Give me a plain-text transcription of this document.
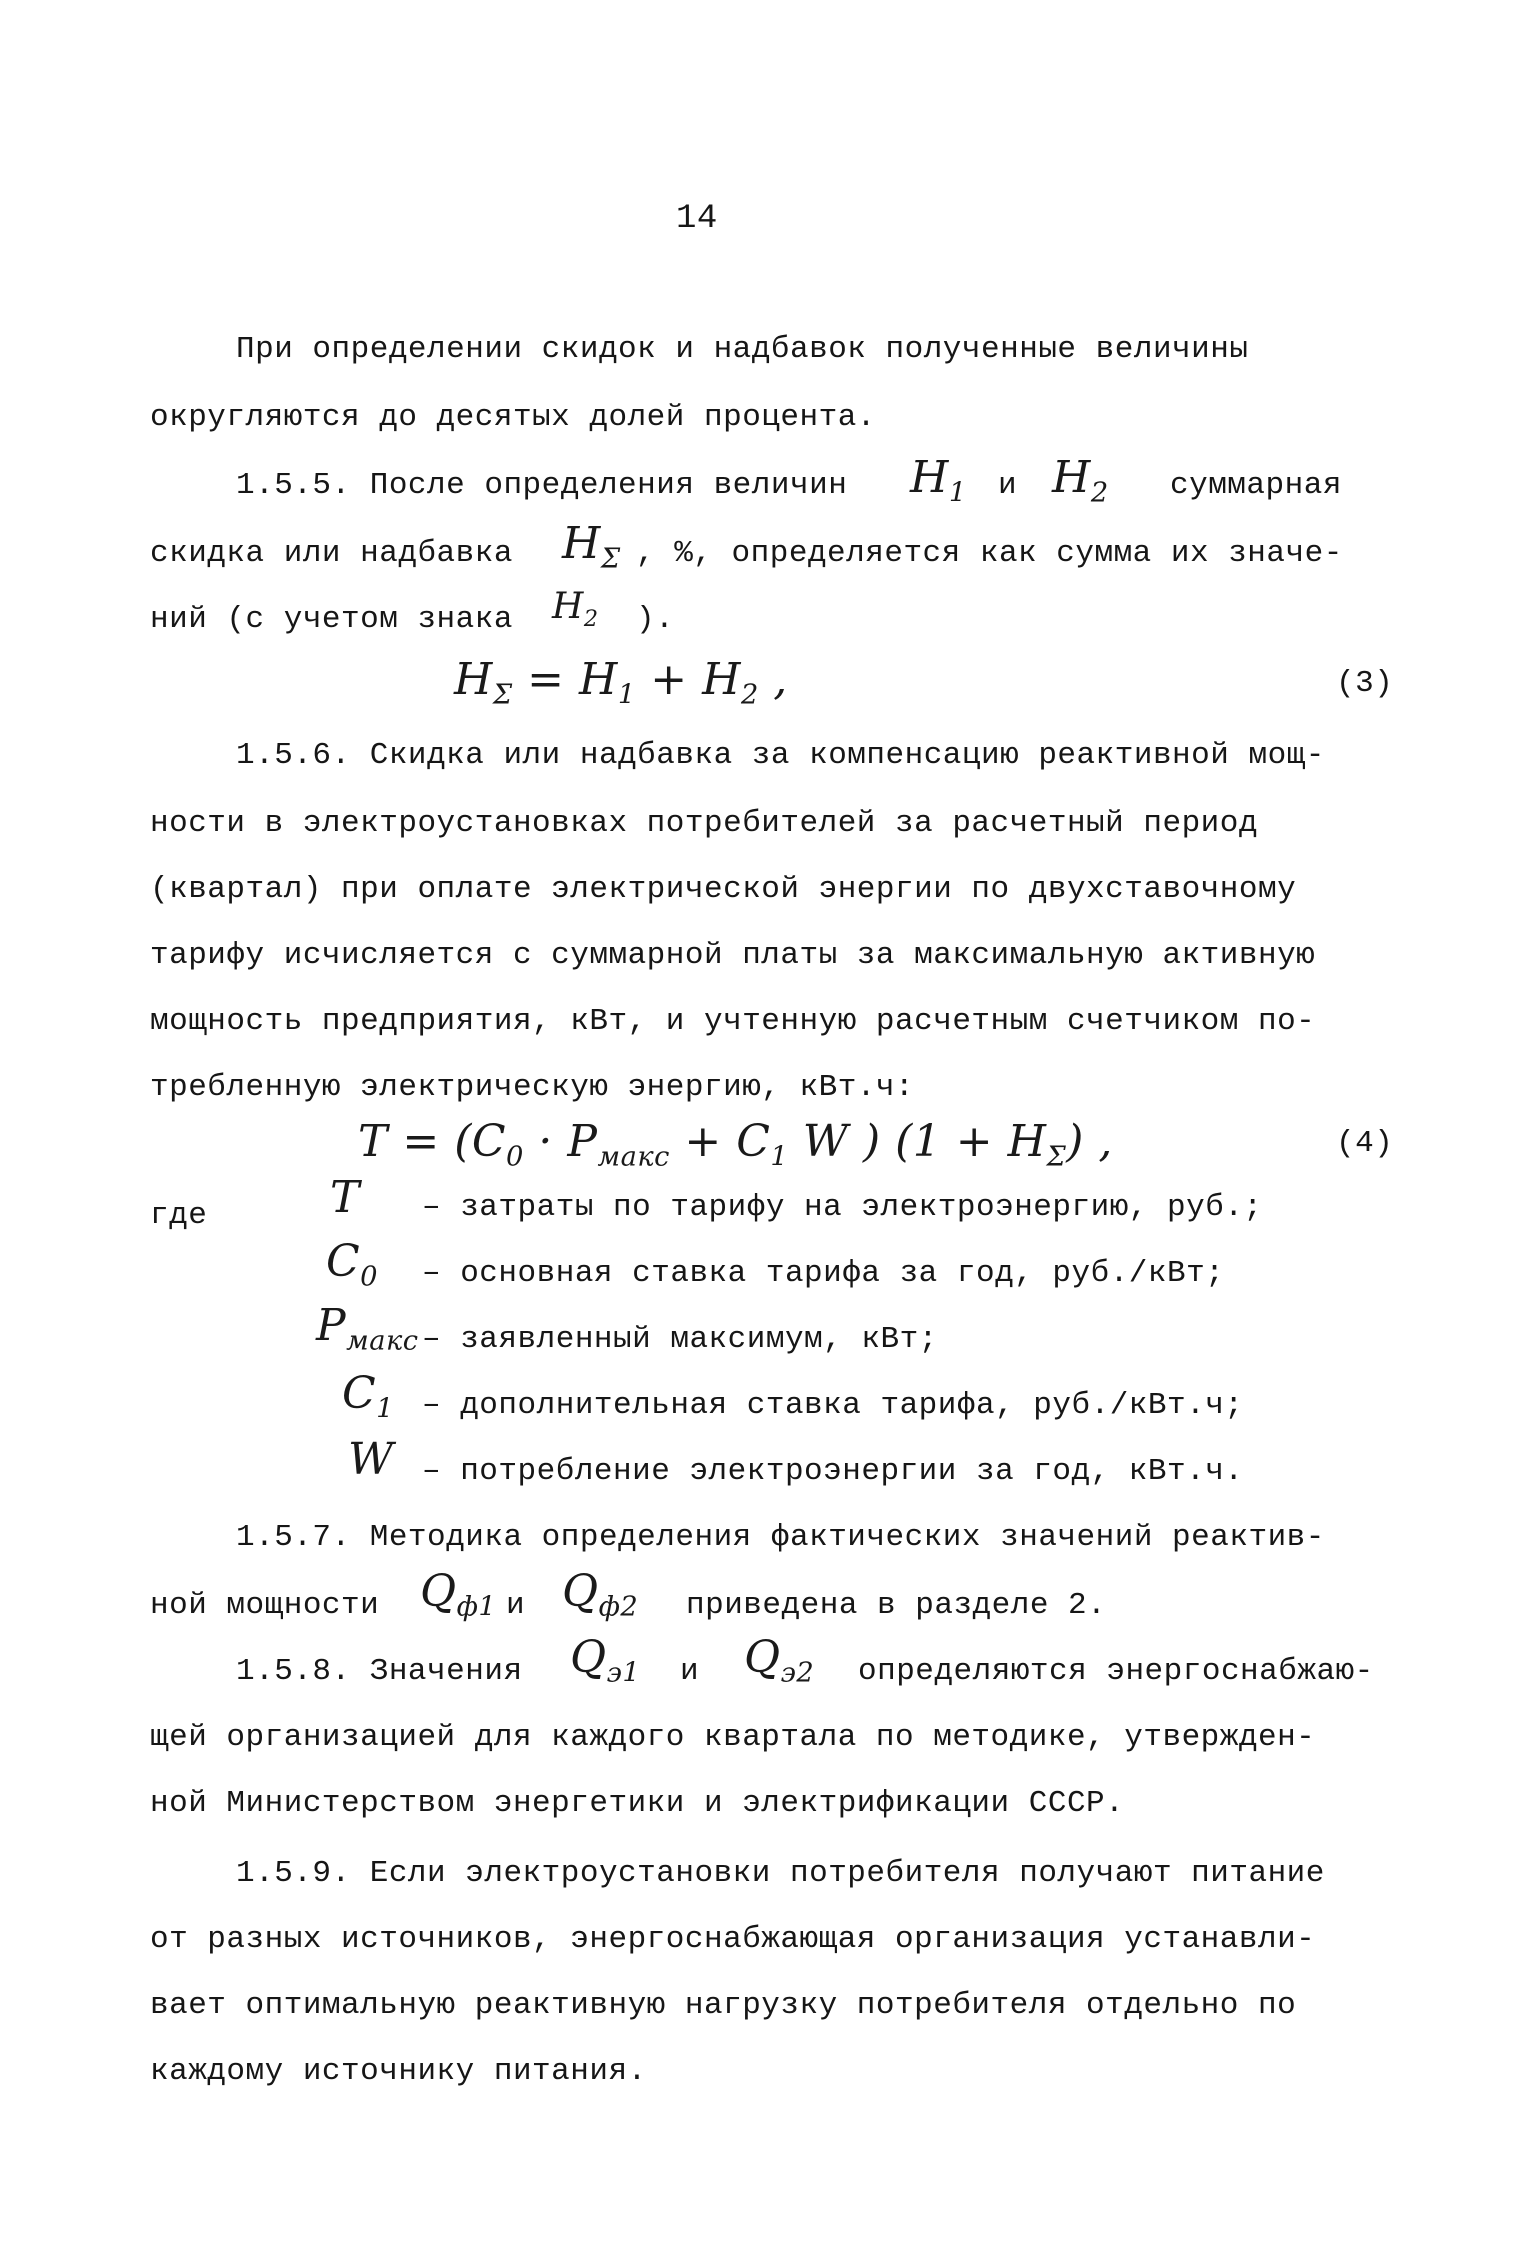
14
При определении скидок и надбавок полученные величины
округляются до десятых долей процента.
1.5.5. После определения величин $H_1$ и $H_2$ суммарная
скидка или надбавка $H_\Sigma$ , %, определяется как сумма их значе-
ний (с учетом знака $H_2$ ).
$H_\Sigma = H_1 + H_2$ ,	(3)
1.5.6. Скидка или надбавка за компенсацию реактивной мощ-
ности в электроустановках потребителей за расчетный период
(квартал) при оплате электрической энергии по двухставочному
тарифу исчисляется с суммарной платы за максимальную активную
мощность предприятия, кВт, и учтенную расчетным счетчиком по-
требленную электрическую энергию, кВт.ч:
$T = (C_0 \cdot P_{макс} + C_1$ W ) $(1 + H_\Sigma)$ ,	(4)
где	T – затраты по тарифу на электроэнергию, руб.;
$C_0$ – основная ставка тарифа за год, руб./кВт;
$P_{макс}$ – заявленный максимум, кВт;
$C_1$ – дополнительная ставка тарифа, руб./кВт.ч;
W – потребление электроэнергии за год, кВт.ч.
1.5.7. Методика определения фактических значений реактив-
ной мощности $Q_{ф1}$ и $Q_{ф2}$ приведена в разделе 2.
1.5.8. Значения $Q_{э1}$ и $Q_{э2}$ определяются энергоснабжаю-
щей организацией для каждого квартала по методике, утвержден-
ной Министерством энергетики и электрификации СССР.
1.5.9. Если электроустановки потребителя получают питание
от разных источников, энергоснабжающая организация устанавли-
вает оптимальную реактивную нагрузку потребителя отдельно по
каждому источнику питания.
